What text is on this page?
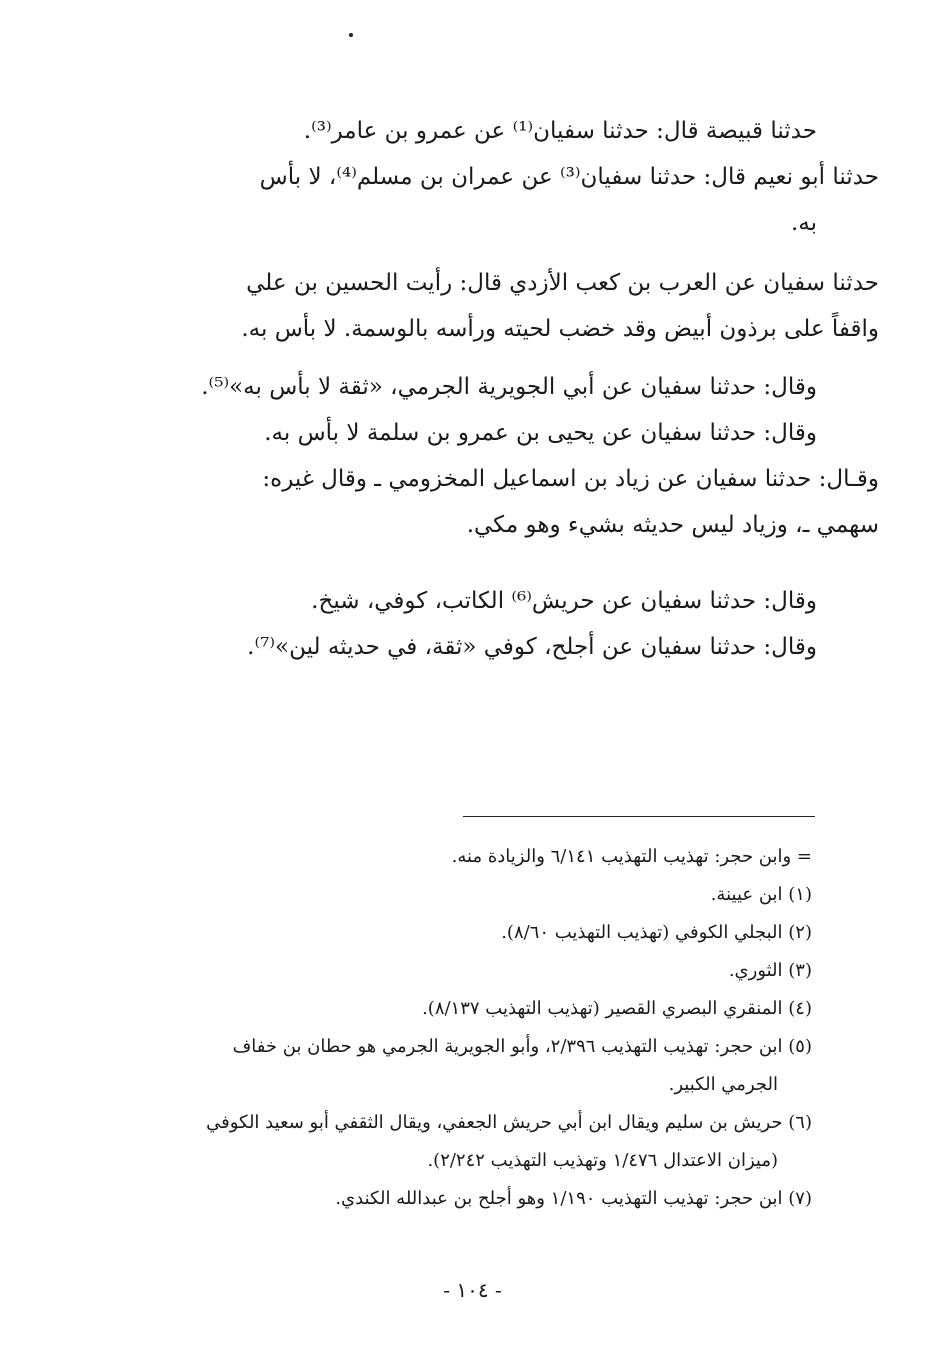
حدثنا قبيصة قال: حدثنا سفيان⁽¹⁾ عن عمرو بن عامر⁽³⁾.
حدثنا أبو نعيم قال: حدثنا سفيان⁽³⁾ عن عمران بن مسلم⁽⁴⁾، لا بأس
به.
حدثنا سفيان عن العرب بن كعب الأزدي قال: رأيت الحسين بن علي
واقفاً على برذون أبيض وقد خضب لحيته ورأسه بالوسمة. لا بأس به.
وقال: حدثنا سفيان عن أبي الجويرية الجرمي، «ثقة لا بأس به»⁽⁵⁾.
وقال: حدثنا سفيان عن يحيى بن عمرو بن سلمة لا بأس به.
وقـال: حدثنا سفيان عن زياد بن اسماعيل المخزومي ـ وقال غيره:
سهمي ـ، وزياد ليس حديثه بشيء وهو مكي.
وقال: حدثنا سفيان عن حريش⁽⁶⁾ الكاتب، كوفي، شيخ.
وقال: حدثنا سفيان عن أجلح، كوفي «ثقة، في حديثه لين»⁽⁷⁾.
= وابن حجر: تهذيب التهذيب ٦/١٤١ والزيادة منه.
(١) ابن عيينة.
(٢) البجلي الكوفي (تهذيب التهذيب ٨/٦٠).
(٣) الثوري.
(٤) المنقري البصري القصير (تهذيب التهذيب ٨/١٣٧).
(٥) ابن حجر: تهذيب التهذيب ٢/٣٩٦، وأبو الجويرية الجرمي هو حطان بن خفاف
الجرمي الكبير.
(٦) حريش بن سليم ويقال ابن أبي حريش الجعفي، ويقال الثقفي أبو سعيد الكوفي
(ميزان الاعتدال ١/٤٧٦ وتهذيب التهذيب ٢/٢٤٢).
(٧) ابن حجر: تهذيب التهذيب ١/١٩٠ وهو أجلح بن عبدالله الكندي.
- ١٠٤ -
